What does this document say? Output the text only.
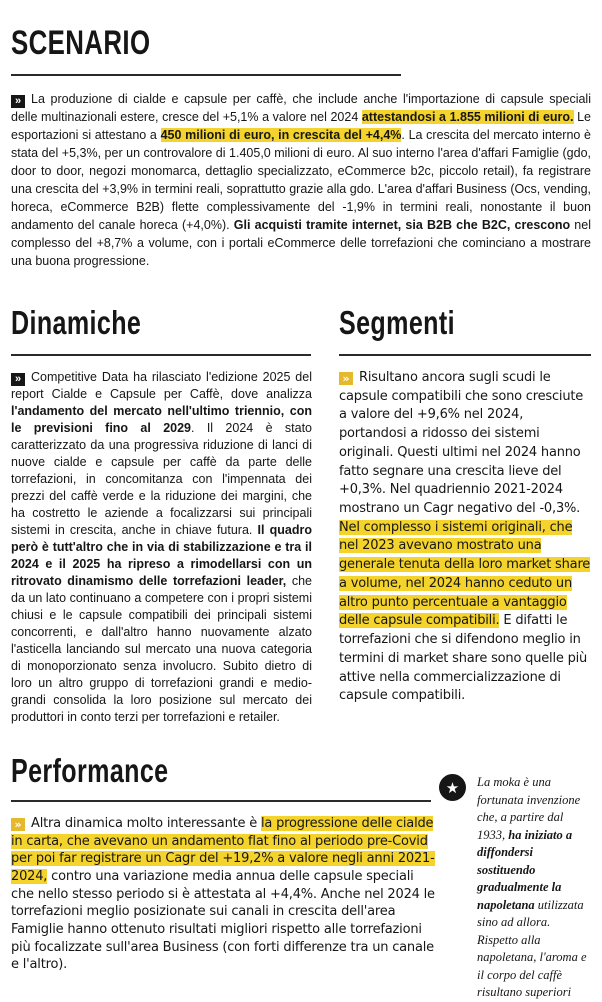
SCENARIO

» La produzione di cialde e capsule per caffè, che include anche l'importazione di capsule speciali delle multinazionali estere, cresce del +5,1% a valore nel 2024 attestandosi a 1.855 milioni di euro. Le esportazioni si attestano a 450 milioni di euro, in crescita del +4,4%. La crescita del mercato interno è stata del +5,3%, per un controvalore di 1.405,0 milioni di euro. Al suo interno l'area d'affari Famiglie (gdo, door to door, negozi monomarca, dettaglio specializzato, eCommerce b2c, piccolo retail), fa registrare una crescita del +3,9% in termini reali, soprattutto grazie alla gdo. L'area d'affari Business (Ocs, vending, horeca, eCommerce B2B) flette complessivamente del -1,9% in termini reali, nonostante il buon andamento del canale horeca (+4,0%). Gli acquisti tramite internet, sia B2B che B2C, crescono nel complesso del +8,7% a volume, con i portali eCommerce delle torrefazioni che cominciano a mostrare una buona progressione.

Dinamiche

» Competitive Data ha rilasciato l'edizione 2025 del report Cialde e Capsule per Caffè, dove analizza l'andamento del mercato nell'ultimo triennio, con le previsioni fino al 2029. Il 2024 è stato caratterizzato da una progressiva riduzione di lanci di nuove cialde e capsule per caffè da parte delle torrefazioni, in concomitanza con l'impennata dei prezzi del caffè verde e la riduzione dei margini, che ha costretto le aziende a focalizzarsi sui principali sistemi in crescita, anche in chiave futura. Il quadro però è tutt'altro che in via di stabilizzazione e tra il 2024 e il 2025 ha ripreso a rimodellarsi con un ritrovato dinamismo delle torrefazioni leader, che da un lato continuano a competere con i propri sistemi chiusi e le capsule compatibili dei principali sistemi concorrenti, e dall'altro hanno nuovamente alzato l'asticella lanciando sul mercato una nuova categoria di monoporzionato senza involucro. Subito dietro di loro un altro gruppo di torrefazioni grandi e medio-grandi consolida la loro posizione sul mercato dei produttori in conto terzi per torrefazioni e retailer.

Segmenti

» Risultano ancora sugli scudi le capsule compatibili che sono cresciute a valore del +9,6% nel 2024, portandosi a ridosso dei sistemi originali. Questi ultimi nel 2024 hanno fatto segnare una crescita lieve del +0,3%. Nel quadriennio 2021-2024 mostrano un Cagr negativo del -0,3%. Nel complesso i sistemi originali, che nel 2023 avevano mostrato una generale tenuta della loro market share a volume, nel 2024 hanno ceduto un altro punto percentuale a vantaggio delle capsule compatibili. E difatti le torrefazioni che si difendono meglio in termini di market share sono quelle più attive nella commercializzazione di capsule compatibili.

Performance

» Altra dinamica molto interessante è la progressione delle cialde in carta, che avevano un andamento flat fino al periodo pre-Covid per poi far registrare un Cagr del +19,2% a valore negli anni 2021-2024, contro una variazione media annua delle capsule speciali che nello stesso periodo si è attestata al +4,4%. Anche nel 2024 le torrefazioni meglio posizionate sui canali in crescita dell'area Famiglie hanno ottenuto risultati migliori rispetto alle torrefazioni più focalizzate sull'area Business (con forti differenze tra un canale e l'altro).

★	La moka è una fortunata invenzione che, a partire dal 1933, ha iniziato a diffondersi sostituendo gradualmente la napoletana utilizzata sino ad allora. Rispetto alla napoletana, l'aroma e il corpo del caffè risultano superiori
